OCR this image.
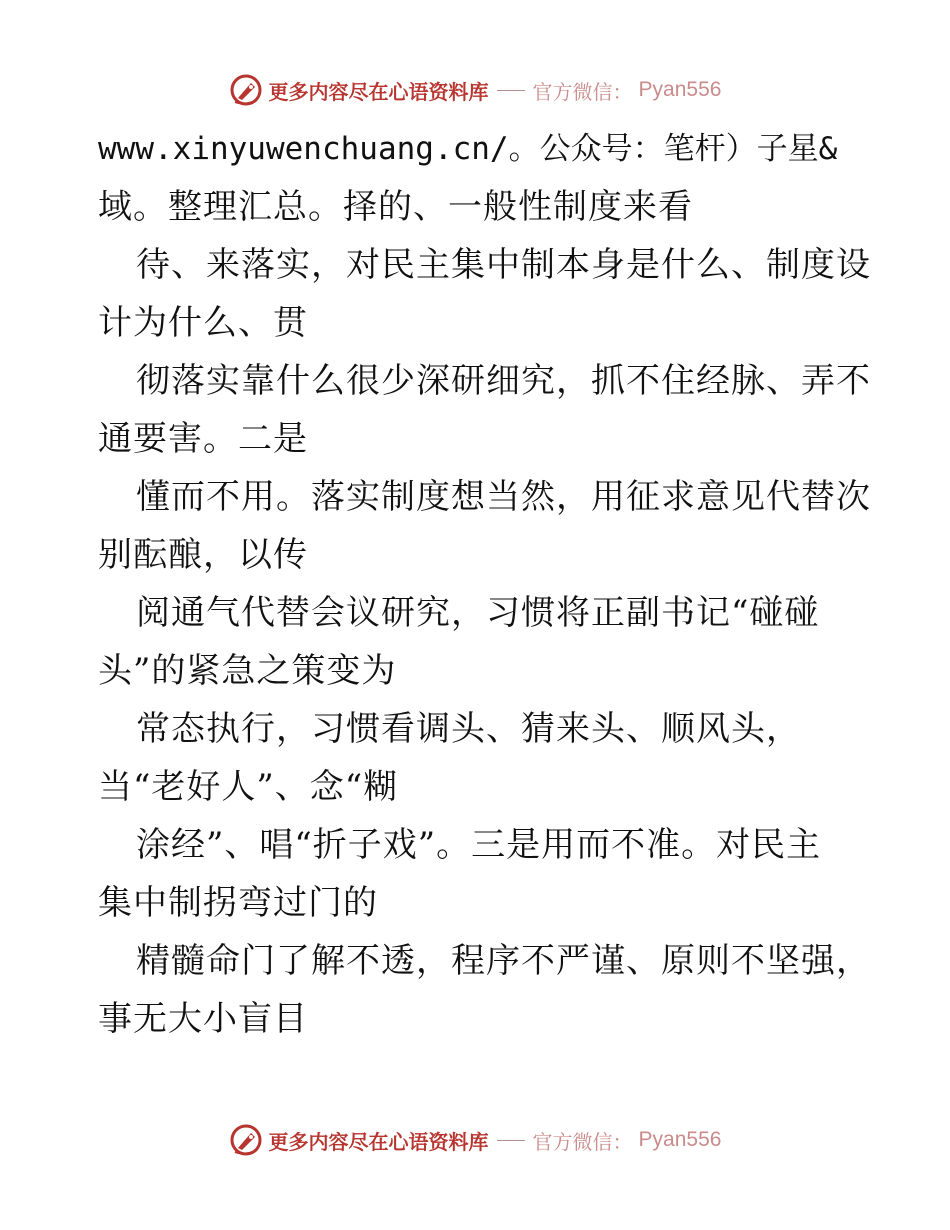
更多内容尽在心语资料库 官方微信： Pyan556
www.xinyuwenchuang.cn/。公众号：笔杆）子星&
域。整理汇总。择的、一般性制度来看
待、来落实，对民主集中制本身是什么、制度设
计为什么、贯
彻落实靠什么很少深研细究，抓不住经脉、弄不
通要害。二是
懂而不用。落实制度想当然，用征求意见代替次
别酝酿，以传
阅通气代替会议研究，习惯将正副书记“碰碰
头”的紧急之策变为
常态执行，习惯看调头、猜来头、顺风头，
当“老好人”、念“糊
涂经”、唱“折子戏”。三是用而不准。对民主
集中制拐弯过门的
精髓命门了解不透，程序不严谨、原则不坚强，
事无大小盲目
更多内容尽在心语资料库 官方微信： Pyan556
